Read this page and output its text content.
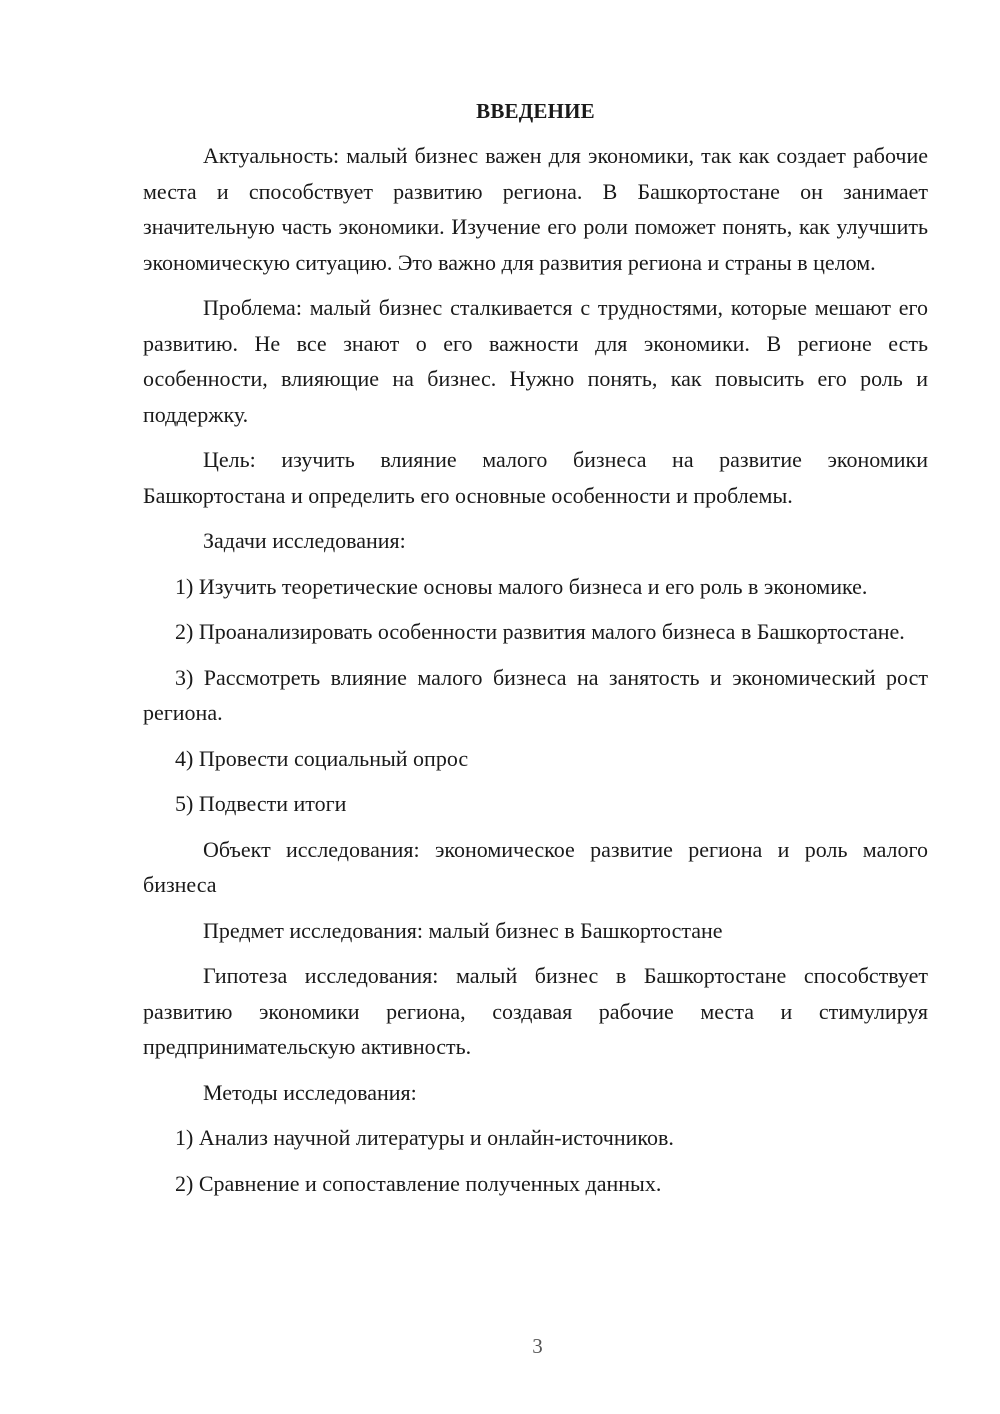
ВВЕДЕНИЕ

Актуальность: малый бизнес важен для экономики, так как создает рабочие места и способствует развитию региона. В Башкортостане он занимает значительную часть экономики. Изучение его роли поможет понять, как улучшить экономическую ситуацию. Это важно для развития региона и страны в целом.

Проблема: малый бизнес сталкивается с трудностями, которые мешают его развитию. Не все знают о его важности для экономики. В регионе есть особенности, влияющие на бизнес. Нужно понять, как повысить его роль и поддержку.

Цель: изучить влияние малого бизнеса на развитие экономики Башкортостана и определить его основные особенности и проблемы.

Задачи исследования:

1) Изучить теоретические основы малого бизнеса и его роль в экономике.

2) Проанализировать особенности развития малого бизнеса в Башкортостане.

3) Рассмотреть влияние малого бизнеса на занятость и экономический рост региона.

4) Провести социальный опрос

5) Подвести итоги

Объект исследования: экономическое развитие региона и роль малого бизнеса

Предмет исследования: малый бизнес в Башкортостане

Гипотеза исследования: малый бизнес в Башкортостане способствует развитию экономики региона, создавая рабочие места и стимулируя предпринимательскую активность.

Методы исследования:

1) Анализ научной литературы и онлайн-источников.

2) Сравнение и сопоставление полученных данных.

3
